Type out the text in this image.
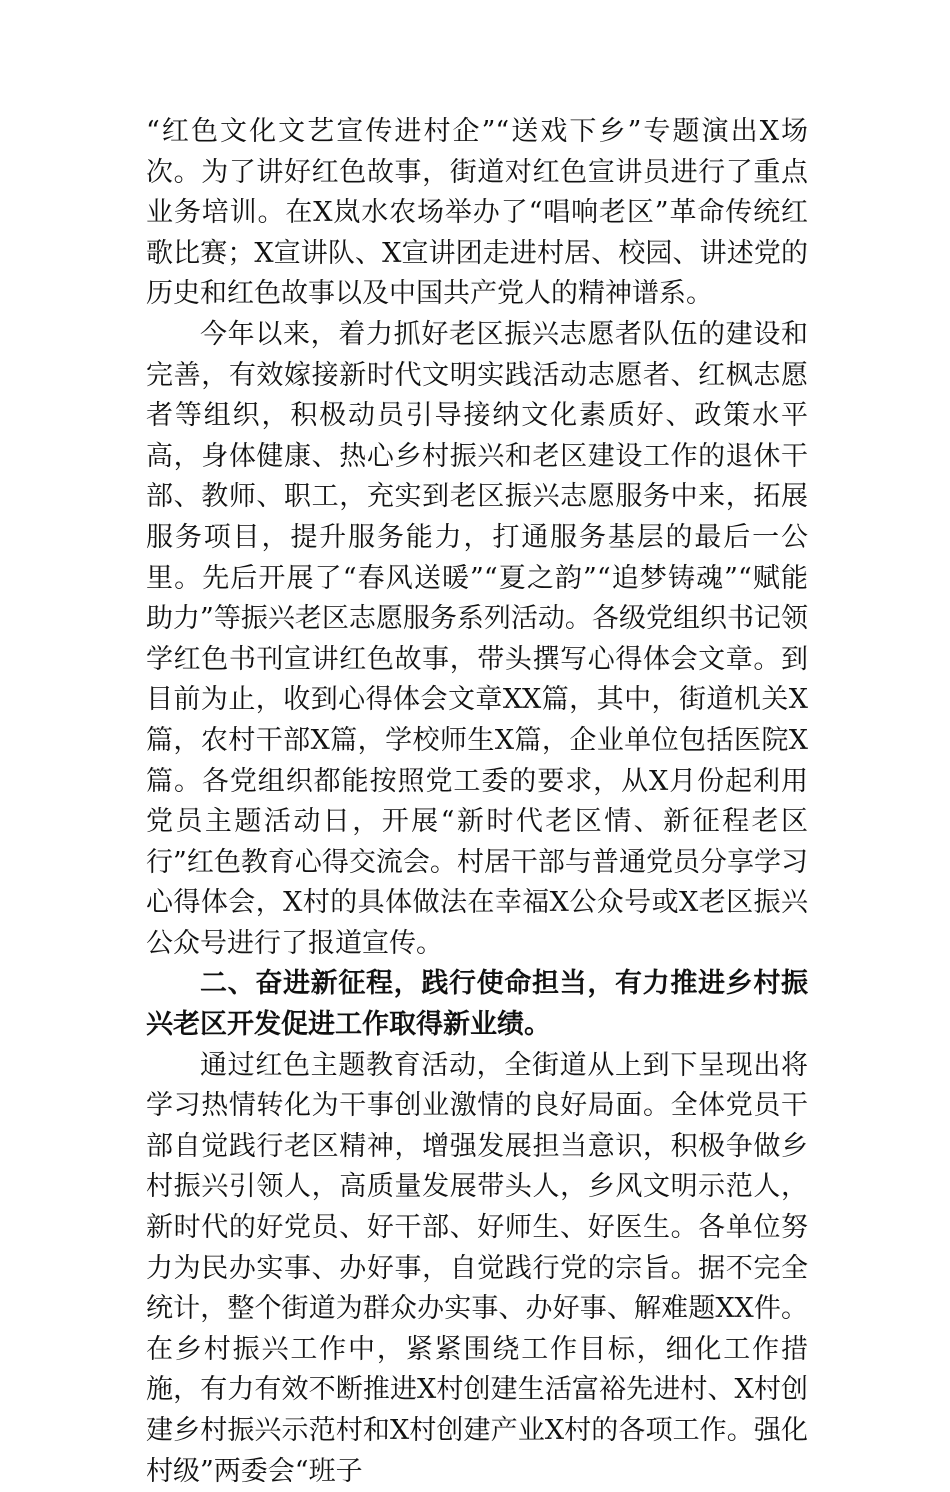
“红色文化文艺宣传进村企”“送戏下乡”专题演出X场次。为了讲好红色故事，街道对红色宣讲员进行了重点业务培训。在X岚水农场举办了“唱响老区”革命传统红歌比赛；X宣讲队、X宣讲团走进村居、校园、讲述党的历史和红色故事以及中国共产党人的精神谱系。

今年以来，着力抓好老区振兴志愿者队伍的建设和完善，有效嫁接新时代文明实践活动志愿者、红枫志愿者等组织，积极动员引导接纳文化素质好、政策水平高，身体健康、热心乡村振兴和老区建设工作的退休干部、教师、职工，充实到老区振兴志愿服务中来，拓展服务项目，提升服务能力，打通服务基层的最后一公里。先后开展了“春风送暖”“夏之韵”“追梦铸魂”“赋能助力”等振兴老区志愿服务系列活动。各级党组织书记领学红色书刊宣讲红色故事，带头撰写心得体会文章。到目前为止，收到心得体会文章XX篇，其中，街道机关X篇，农村干部X篇，学校师生X篇，企业单位包括医院X篇。各党组织都能按照党工委的要求，从X月份起利用党员主题活动日，开展“新时代老区情、新征程老区行”红色教育心得交流会。村居干部与普通党员分享学习心得体会，X村的具体做法在幸福X公众号或X老区振兴公众号进行了报道宣传。

二、奋进新征程，践行使命担当，有力推进乡村振兴老区开发促进工作取得新业绩。

通过红色主题教育活动，全街道从上到下呈现出将学习热情转化为干事创业激情的良好局面。全体党员干部自觉践行老区精神，增强发展担当意识，积极争做乡村振兴引领人，高质量发展带头人，乡风文明示范人，新时代的好党员、好干部、好师生、好医生。各单位努力为民办实事、办好事，自觉践行党的宗旨。据不完全统计，整个街道为群众办实事、办好事、解难题XX件。在乡村振兴工作中，紧紧围绕工作目标，细化工作措施，有力有效不断推进X村创建生活富裕先进村、X村创建乡村振兴示范村和X村创建产业X村的各项工作。强化村级”两委会“班子
